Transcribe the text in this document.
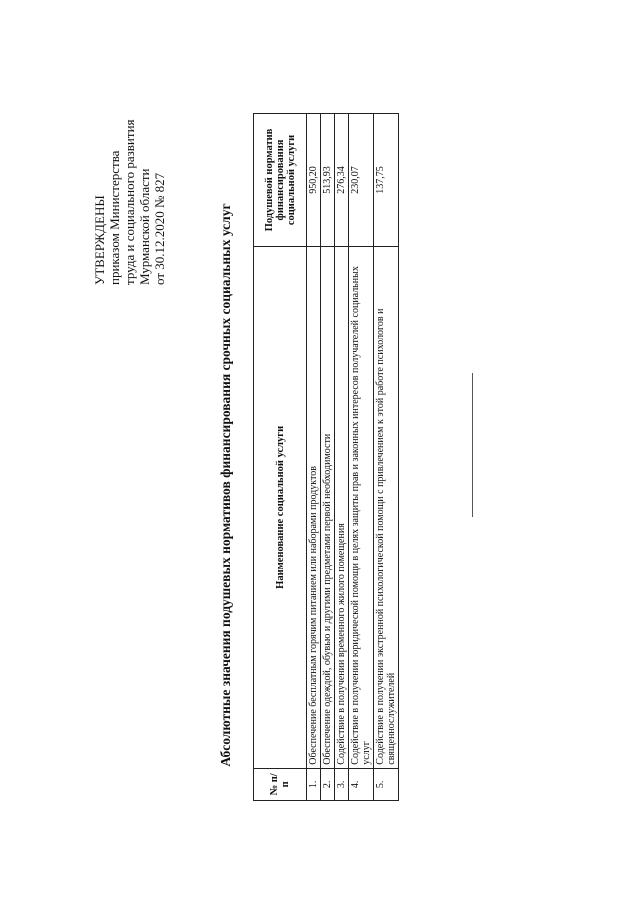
УТВЕРЖДЕНЫ приказом Министерства труда и социального развития Мурманской области от 30.12.2020 № 827	Абсолютные значения подушевых нормативов финансирования срочных социальных услуг
№ п/п	Наименование социальной услуги	Подушевой норматив финансирования социальной услуги
1.	Обеспечение бесплатным горячим питанием или наборами продуктов	950,20
2.	Обеспечение одеждой, обувью и другими предметами первой необходимости	513,93
3.	Содействие в получении временного жилого помещения	276,34
4.	Содействие в получении юридической помощи в целях защиты прав и законных интересов получателей социальных услуг	230,07
5.	Содействие в получении экстренной психологической помощи с привлечением к этой работе психологов и священнослужителей	137,75
